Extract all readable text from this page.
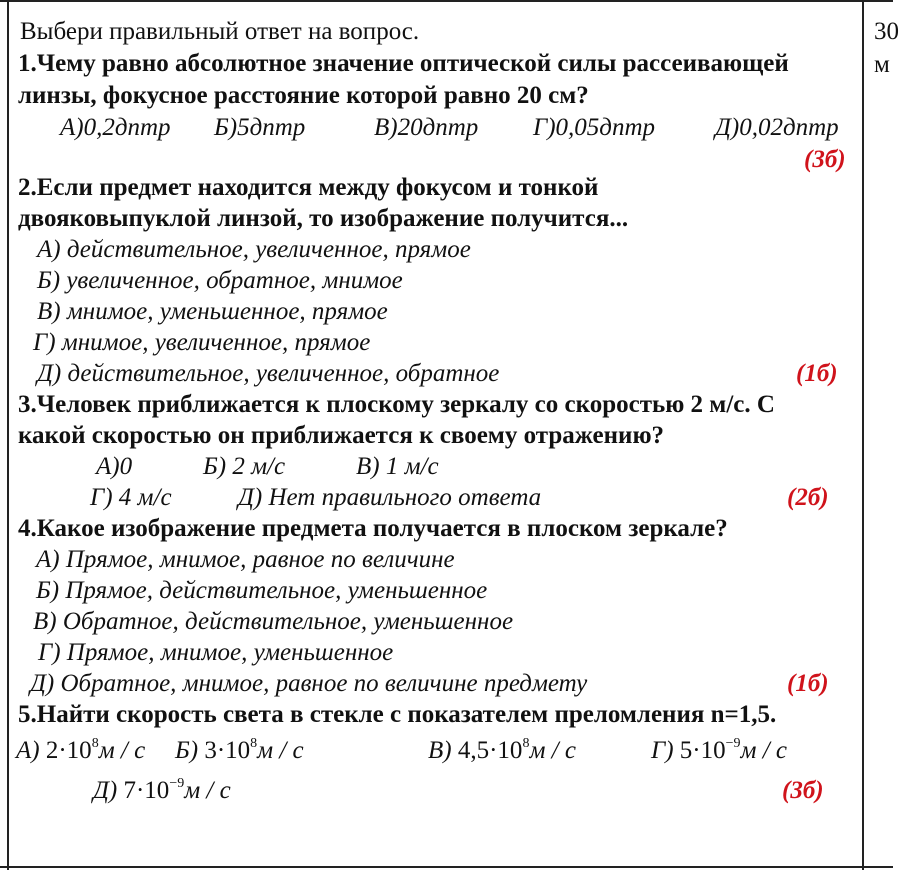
30
м
Выбери правильный ответ на вопрос.
1.Чему равно абсолютное значение оптической силы рассеивающей
линзы, фокусное расстояние которой равно 20 см?
А)0,2дптр Б)5дптр	В)20дптр Г)0,05дптр Д)0,02дптр
(3б)
2.Если предмет находится между фокусом и тонкой
двояковыпуклой линзой, то изображение получится...
А) действительное, увеличенное, прямое
Б) увеличенное, обратное, мнимое
В) мнимое, уменьшенное, прямое
Г) мнимое, увеличенное, прямое
Д) действительное, увеличенное, обратное	(1б)
3.Человек приближается к плоскому зеркалу со скоростью 2 м/с. С
какой скоростью он приближается к своему отражению?
А)0	Б) 2 м/с	В) 1 м/с
Г) 4 м/с	Д) Нет правильного ответа	(2б)
4.Какое изображение предмета получается в плоском зеркале?
А) Прямое, мнимое, равное по величине
Б) Прямое, действительное, уменьшенное
В) Обратное, действительное, уменьшенное
Г) Прямое, мнимое, уменьшенное
Д) Обратное, мнимое, равное по величине предмету	(1б)
5.Найти скорость света в стекле с показателем преломления n=1,5.
А) $2\cdot 10^8м / с$ Б) $3\cdot 10^8м / с$	В) $4,5\cdot 10^8м / с$	Г) $5\cdot 10^{-9}м / с$
Д) $7\cdot 10^{-9}м / с$	(3б)
